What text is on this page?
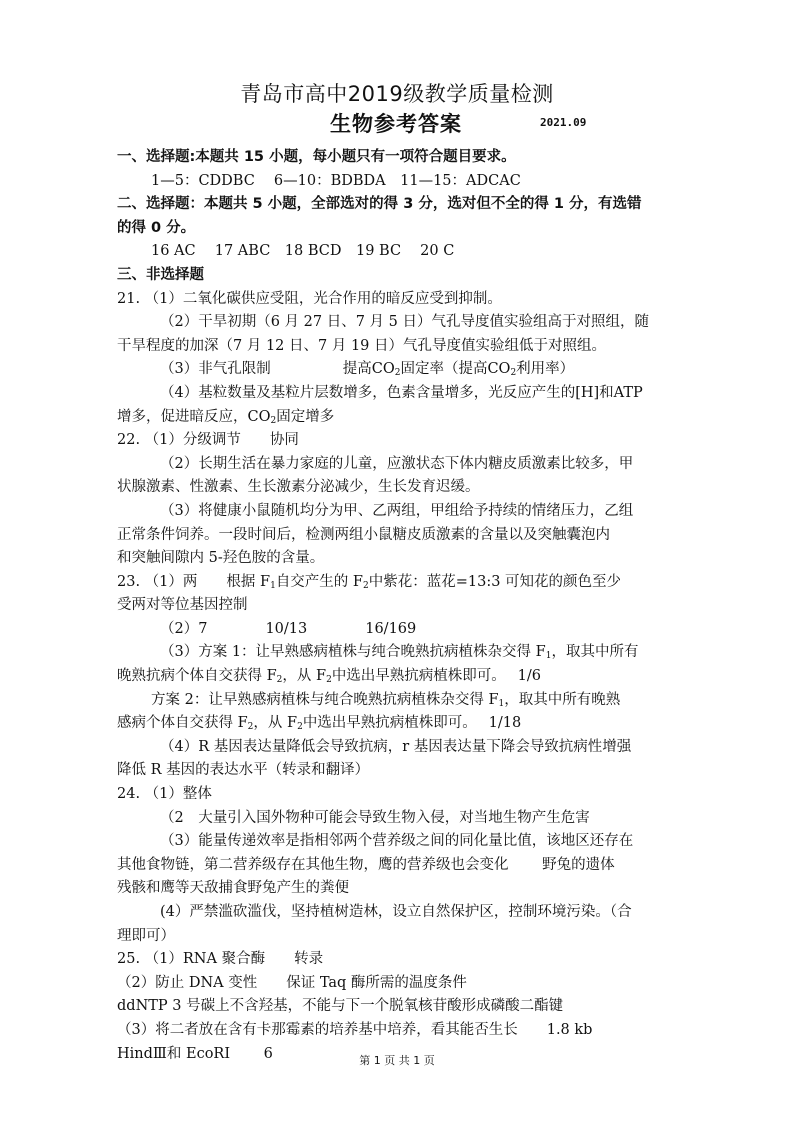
青岛市高中2019级教学质量检测
生物参考答案	2021.09
一、选择题:本题共 15 小题，每小题只有一项符合题目要求。
1—5：CDDBC　 6—10：BDBDA　11—15：ADCAC
二、选择题：本题共 5 小题，全部选对的得 3 分，选对但不全的得 1 分，有选错
的得 0 分。
16 AC　 17 ABC　18 BCD　19 BC　 20 C
三、非选择题
21. （1）二氧化碳供应受阻，光合作用的暗反应受到抑制。
（2）干旱初期（6 月 27 日、7 月 5 日）气孔导度值实验组高于对照组，随
干旱程度的加深（7 月 12 日、7 月 19 日）气孔导度值实验组低于对照组。
（3）非气孔限制	提高$CO_2$固定率（提高$CO_2$利用率）
（4）基粒数量及基粒片层数增多，色素含量增多，光反应产生的[H]和ATP
增多，促进暗反应，$CO_2$固定增多
22. （1）分级调节　　协同
（2）长期生活在暴力家庭的儿童，应激状态下体内糖皮质激素比较多，甲
状腺激素、性激素、生长激素分泌减少，生长发育迟缓。
（3）将健康小鼠随机均分为甲、乙两组，甲组给予持续的情绪压力，乙组
正常条件饲养。一段时间后，检测两组小鼠糖皮质激素的含量以及突触囊泡内
和突触间隙内 5-羟色胺的含量。
23. （1）两　　根据 $F_1$自交产生的 $F_2$中紫花：蓝花=13:3 可知花的颜色至少
受两对等位基因控制
（2）7　　　　10/13　　　　16/169
（3）方案 1：让早熟感病植株与纯合晚熟抗病植株杂交得 $F_1$，取其中所有
晚熟抗病个体自交获得 $F_2$，从 $F_2$中选出早熟抗病植株即可。　 1/6
方案 2：让早熟感病植株与纯合晚熟抗病植株杂交得 $F_1$，取其中所有晚熟
感病个体自交获得 $F_2$，从 $F_2$中选出早熟抗病植株即可。　 1/18
（4）R 基因表达量降低会导致抗病，r 基因表达量下降会导致抗病性增强
降低 R 基因的表达水平（转录和翻译）
24. （1）整体
（2　大量引入国外物种可能会导致生物入侵，对当地生物产生危害
（3）能量传递效率是指相邻两个营养级之间的同化量比值，该地区还存在
其他食物链，第二营养级存在其他生物，鹰的营养级也会变化　　 野兔的遗体
残骸和鹰等天敌捕食野兔产生的粪便
(4）严禁滥砍滥伐，坚持植树造林，设立自然保护区，控制环境污染。（合
理即可）
25. （1）RNA 聚合酶　　转录
（2）防止 DNA 变性　　保证 Taq 酶所需的温度条件
ddNTP 3 号碳上不含羟基，不能与下一个脱氧核苷酸形成磷酸二酯键
（3）将二者放在含有卡那霉素的培养基中培养，看其能否生长　　1.8 kb
HindⅢ和 EcoRⅠ　　 6	第 1 页 共 1 页
